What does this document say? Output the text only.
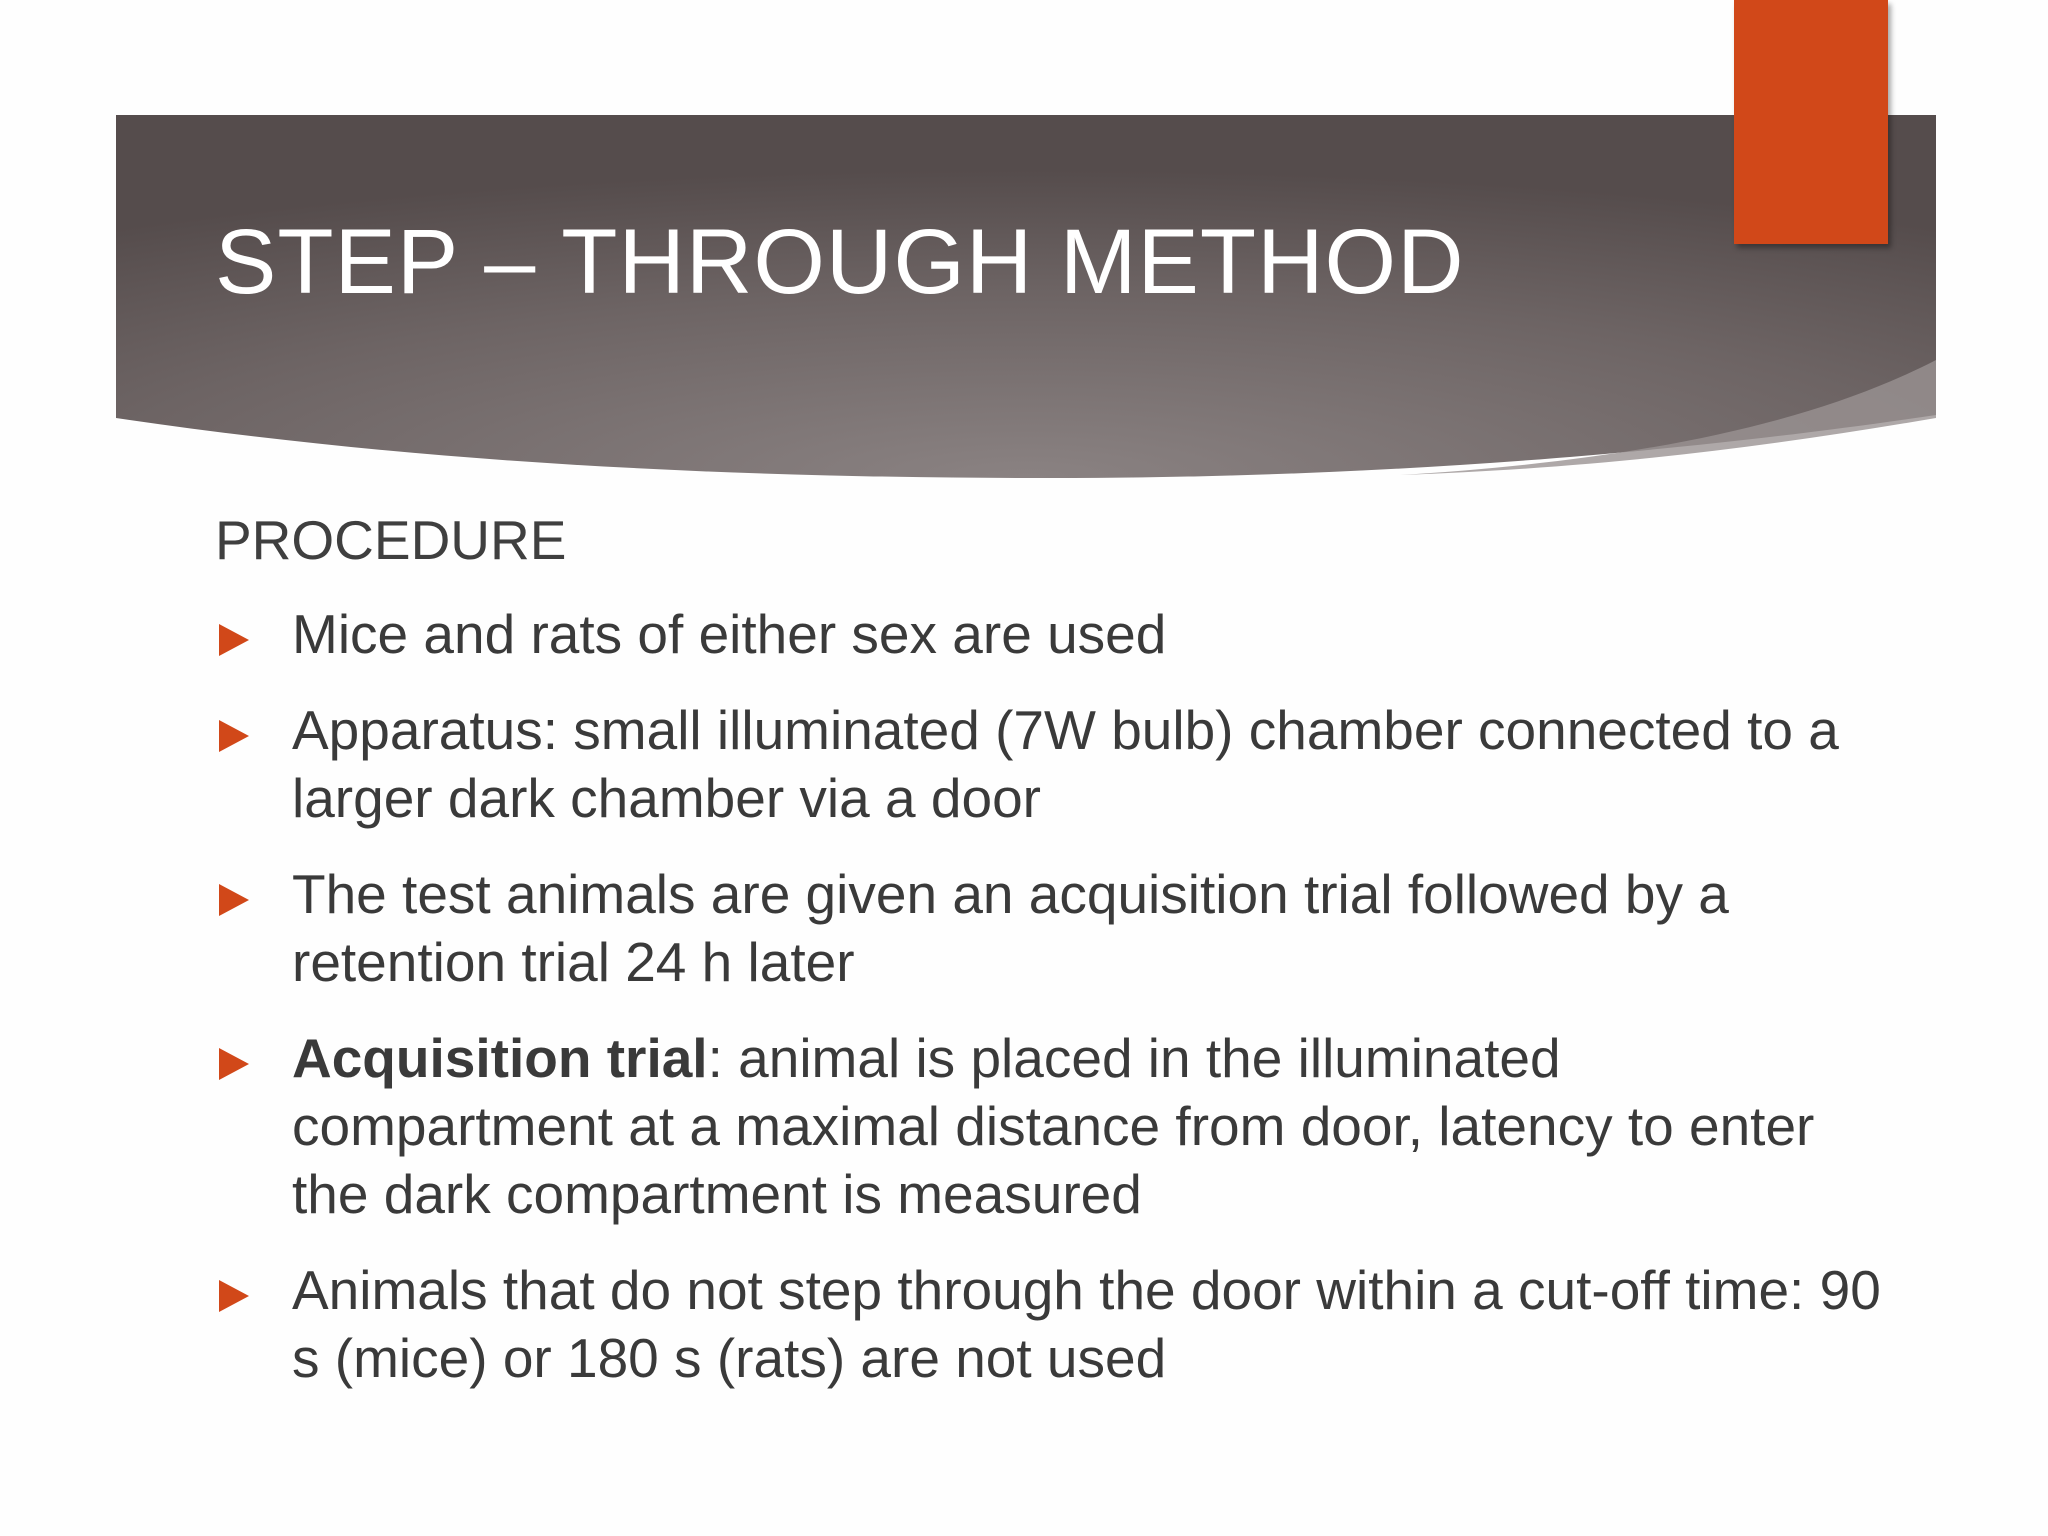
STEP – THROUGH METHOD
PROCEDURE
Mice and rats of either sex are used
Apparatus: small illuminated (7W bulb) chamber connected to a larger dark chamber via a door
The test animals are given an acquisition trial followed by a retention trial 24 h later
Acquisition trial: animal is placed in the illuminated compartment at a maximal distance from door, latency to enter the dark compartment is measured
Animals that do not step through the door within a cut-off time: 90 s (mice) or 180 s (rats) are not used
